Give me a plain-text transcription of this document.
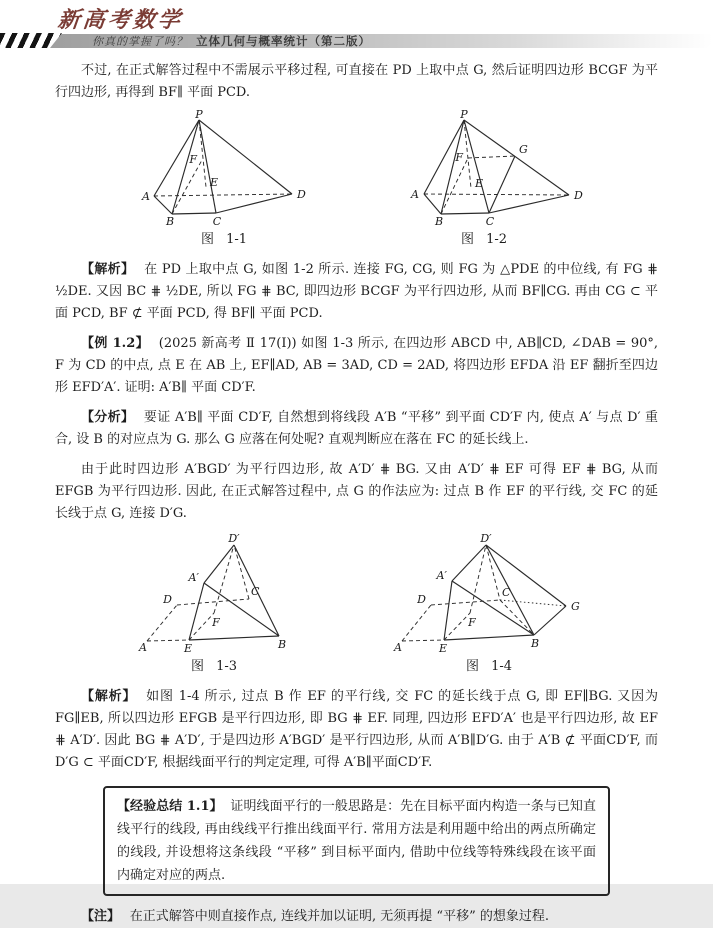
新高考数学
你真的掌握了吗？ 立体几何与概率统计（第二版）

不过, 在正式解答过程中不需展示平移过程, 可直接在 PD 上取中点 G, 然后证明四边形 BCGF 为平行四边形, 再得到 BF∥ 平面 PCD.

P
A
B	C
D
E
F
图 1-1
P
A
B	C
D
E
F
G
图 1-2

【解析】 在 PD 上取中点 G, 如图 1-2 所示. 连接 FG, CG, 则 FG 为 △PDE 的中位线, 有 FG ⋕ ½DE. 又因 BC ⋕ ½DE, 所以 FG ⋕ BC, 即四边形 BCGF 为平行四边形, 从而 BF∥CG. 再由 CG ⊂ 平面 PCD, BF ⊄ 平面 PCD, 得 BF∥ 平面 PCD.

【例 1.2】 (2025 新高考 Ⅱ 17(I)) 如图 1-3 所示, 在四边形 ABCD 中, AB∥CD, ∠DAB = 90°, F 为 CD 的中点, 点 E 在 AB 上, EF∥AD, AB = 3AD, CD = 2AD, 将四边形 EFDA 沿 EF 翻折至四边形 EFD′A′. 证明: A′B∥ 平面 CD′F.

【分析】 要证 A′B∥ 平面 CD′F, 自然想到将线段 A′B “平移” 到平面 CD′F 内, 使点 A′ 与点 D′ 重合, 设 B 的对应点为 G. 那么 G 应落在何处呢? 直观判断应在落在 FC 的延长线上.

由于此时四边形 A′BGD′ 为平行四边形, 故 A′D′ ⋕ BG. 又由 A′D′ ⋕ EF 可得 EF ⋕ BG, 从而 EFGB 为平行四边形. 因此, 在正式解答过程中, 点 G 的作法应为: 过点 B 作 EF 的平行线, 交 FC 的延长线于点 G, 连接 D′G.

D′
A′
D
C
F
A	E	B
图 1-3
D′
A′
D
C
F
A	E	B
G
图 1-4

【解析】 如图 1-4 所示, 过点 B 作 EF 的平行线, 交 FC 的延长线于点 G, 即 EF∥BG. 又因为 FG∥EB, 所以四边形 EFGB 是平行四边形, 即 BG ⋕ EF. 同理, 四边形 EFD′A′ 也是平行四边形, 故 EF ⋕ A′D′. 因此 BG ⋕ A′D′, 于是四边形 A′BGD′ 是平行四边形, 从而 A′B∥D′G. 由于 A′B ⊄ 平面CD′F, 而 D′G ⊂ 平面CD′F, 根据线面平行的判定定理, 可得 A′B∥平面CD′F.

【经验总结 1.1】 证明线面平行的一般思路是：先在目标平面内构造一条与已知直线平行的线段, 再由线线平行推出线面平行. 常用方法是利用题中给出的两点所确定的线段, 并设想将这条线段 “平移” 到目标平面内, 借助中位线等特殊线段在该平面内确定对应的两点.

【注】 在正式解答中则直接作点, 连线并加以证明, 无须再提 “平移” 的想象过程.
